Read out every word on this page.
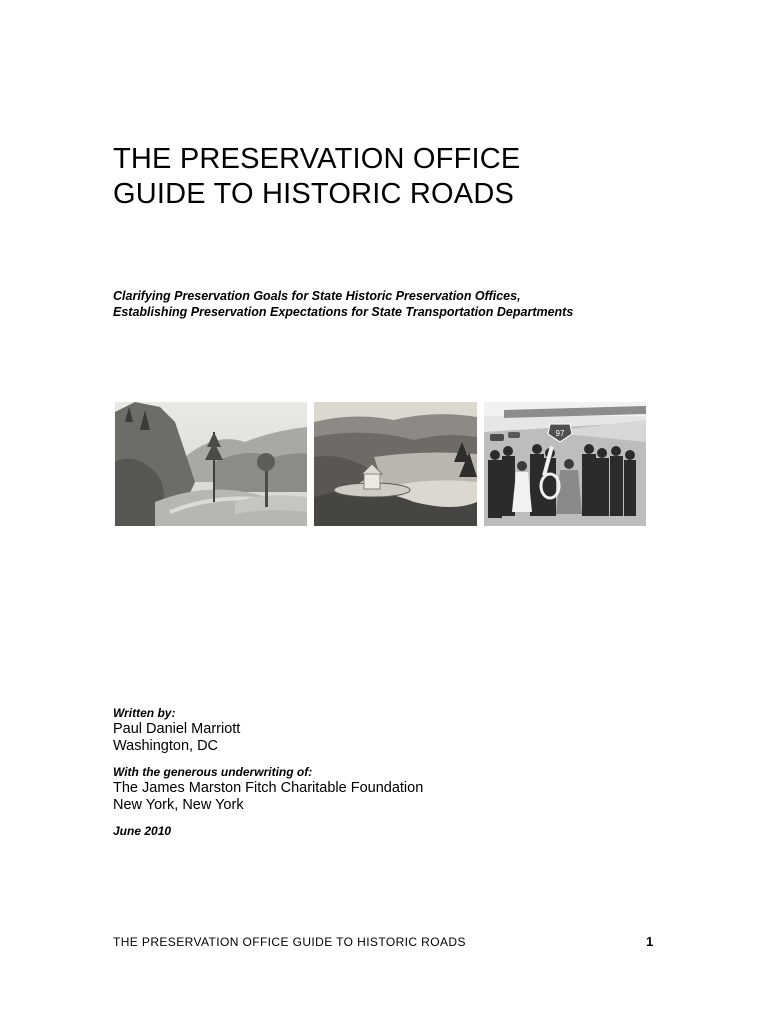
THE PRESERVATION OFFICE
GUIDE TO HISTORIC ROADS
Clarifying Preservation Goals for State Historic Preservation Offices,
Establishing Preservation Expectations for State Transportation Departments
97
Written by:
Paul Daniel Marriott
Washington, DC
With the generous underwriting of:
The James Marston Fitch Charitable Foundation
New York, New York
June 2010
THE PRESERVATION OFFICE GUIDE TO HISTORIC ROADS	1
